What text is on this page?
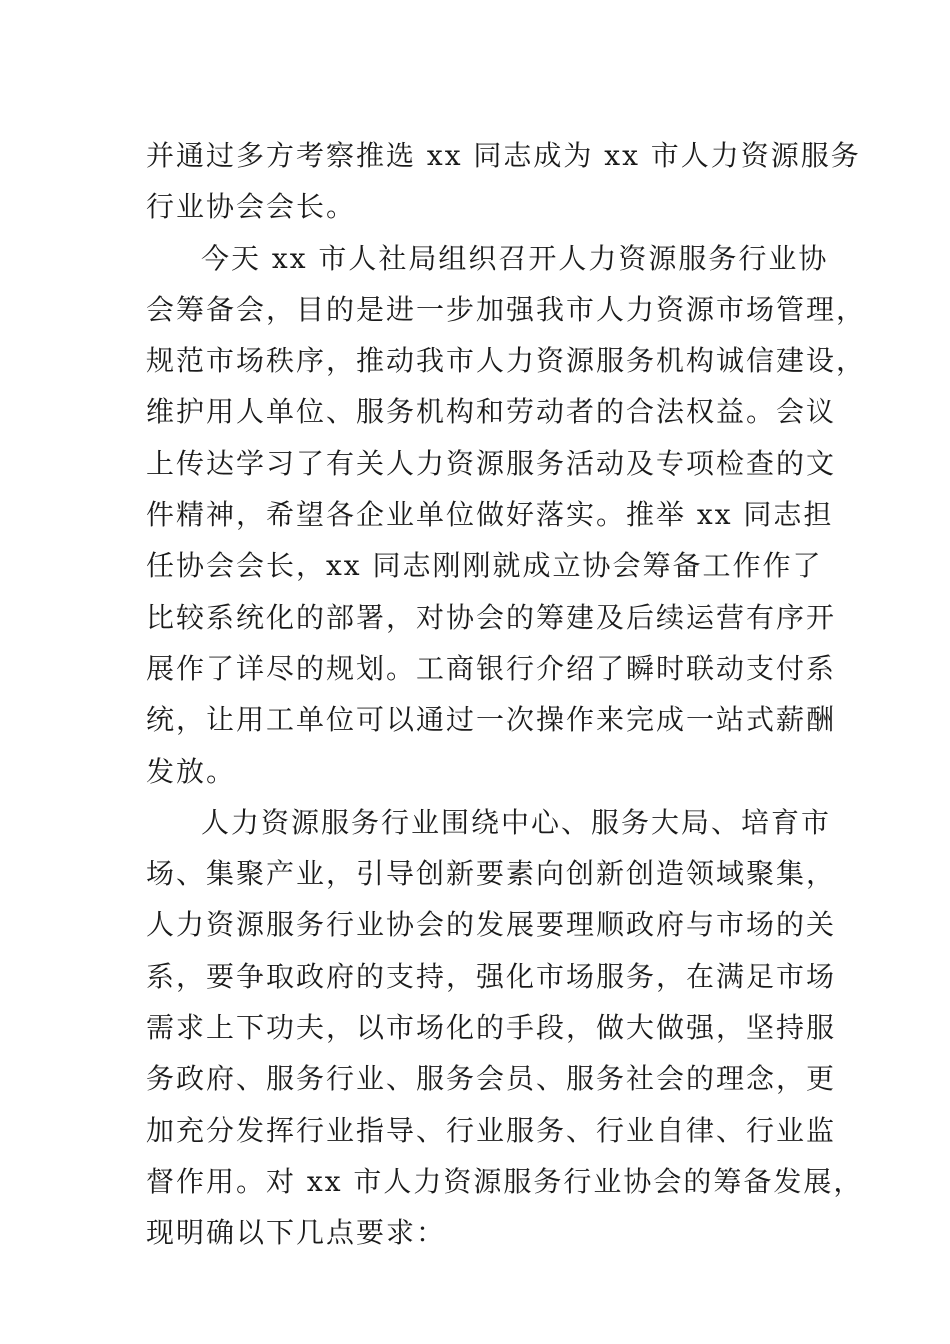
并通过多方考察推选 xx 同志成为 xx 市人力资源服务
行业协会会长。
今天 xx 市人社局组织召开人力资源服务行业协
会筹备会，目的是进一步加强我市人力资源市场管理，
规范市场秩序，推动我市人力资源服务机构诚信建设，
维护用人单位、服务机构和劳动者的合法权益。会议
上传达学习了有关人力资源服务活动及专项检查的文
件精神，希望各企业单位做好落实。推举 xx 同志担
任协会会长，xx 同志刚刚就成立协会筹备工作作了
比较系统化的部署，对协会的筹建及后续运营有序开
展作了详尽的规划。工商银行介绍了瞬时联动支付系
统，让用工单位可以通过一次操作来完成一站式薪酬
发放。
人力资源服务行业围绕中心、服务大局、培育市
场、集聚产业，引导创新要素向创新创造领域聚集，
人力资源服务行业协会的发展要理顺政府与市场的关
系，要争取政府的支持，强化市场服务，在满足市场
需求上下功夫，以市场化的手段，做大做强，坚持服
务政府、服务行业、服务会员、服务社会的理念，更
加充分发挥行业指导、行业服务、行业自律、行业监
督作用。对 xx 市人力资源服务行业协会的筹备发展，
现明确以下几点要求：
